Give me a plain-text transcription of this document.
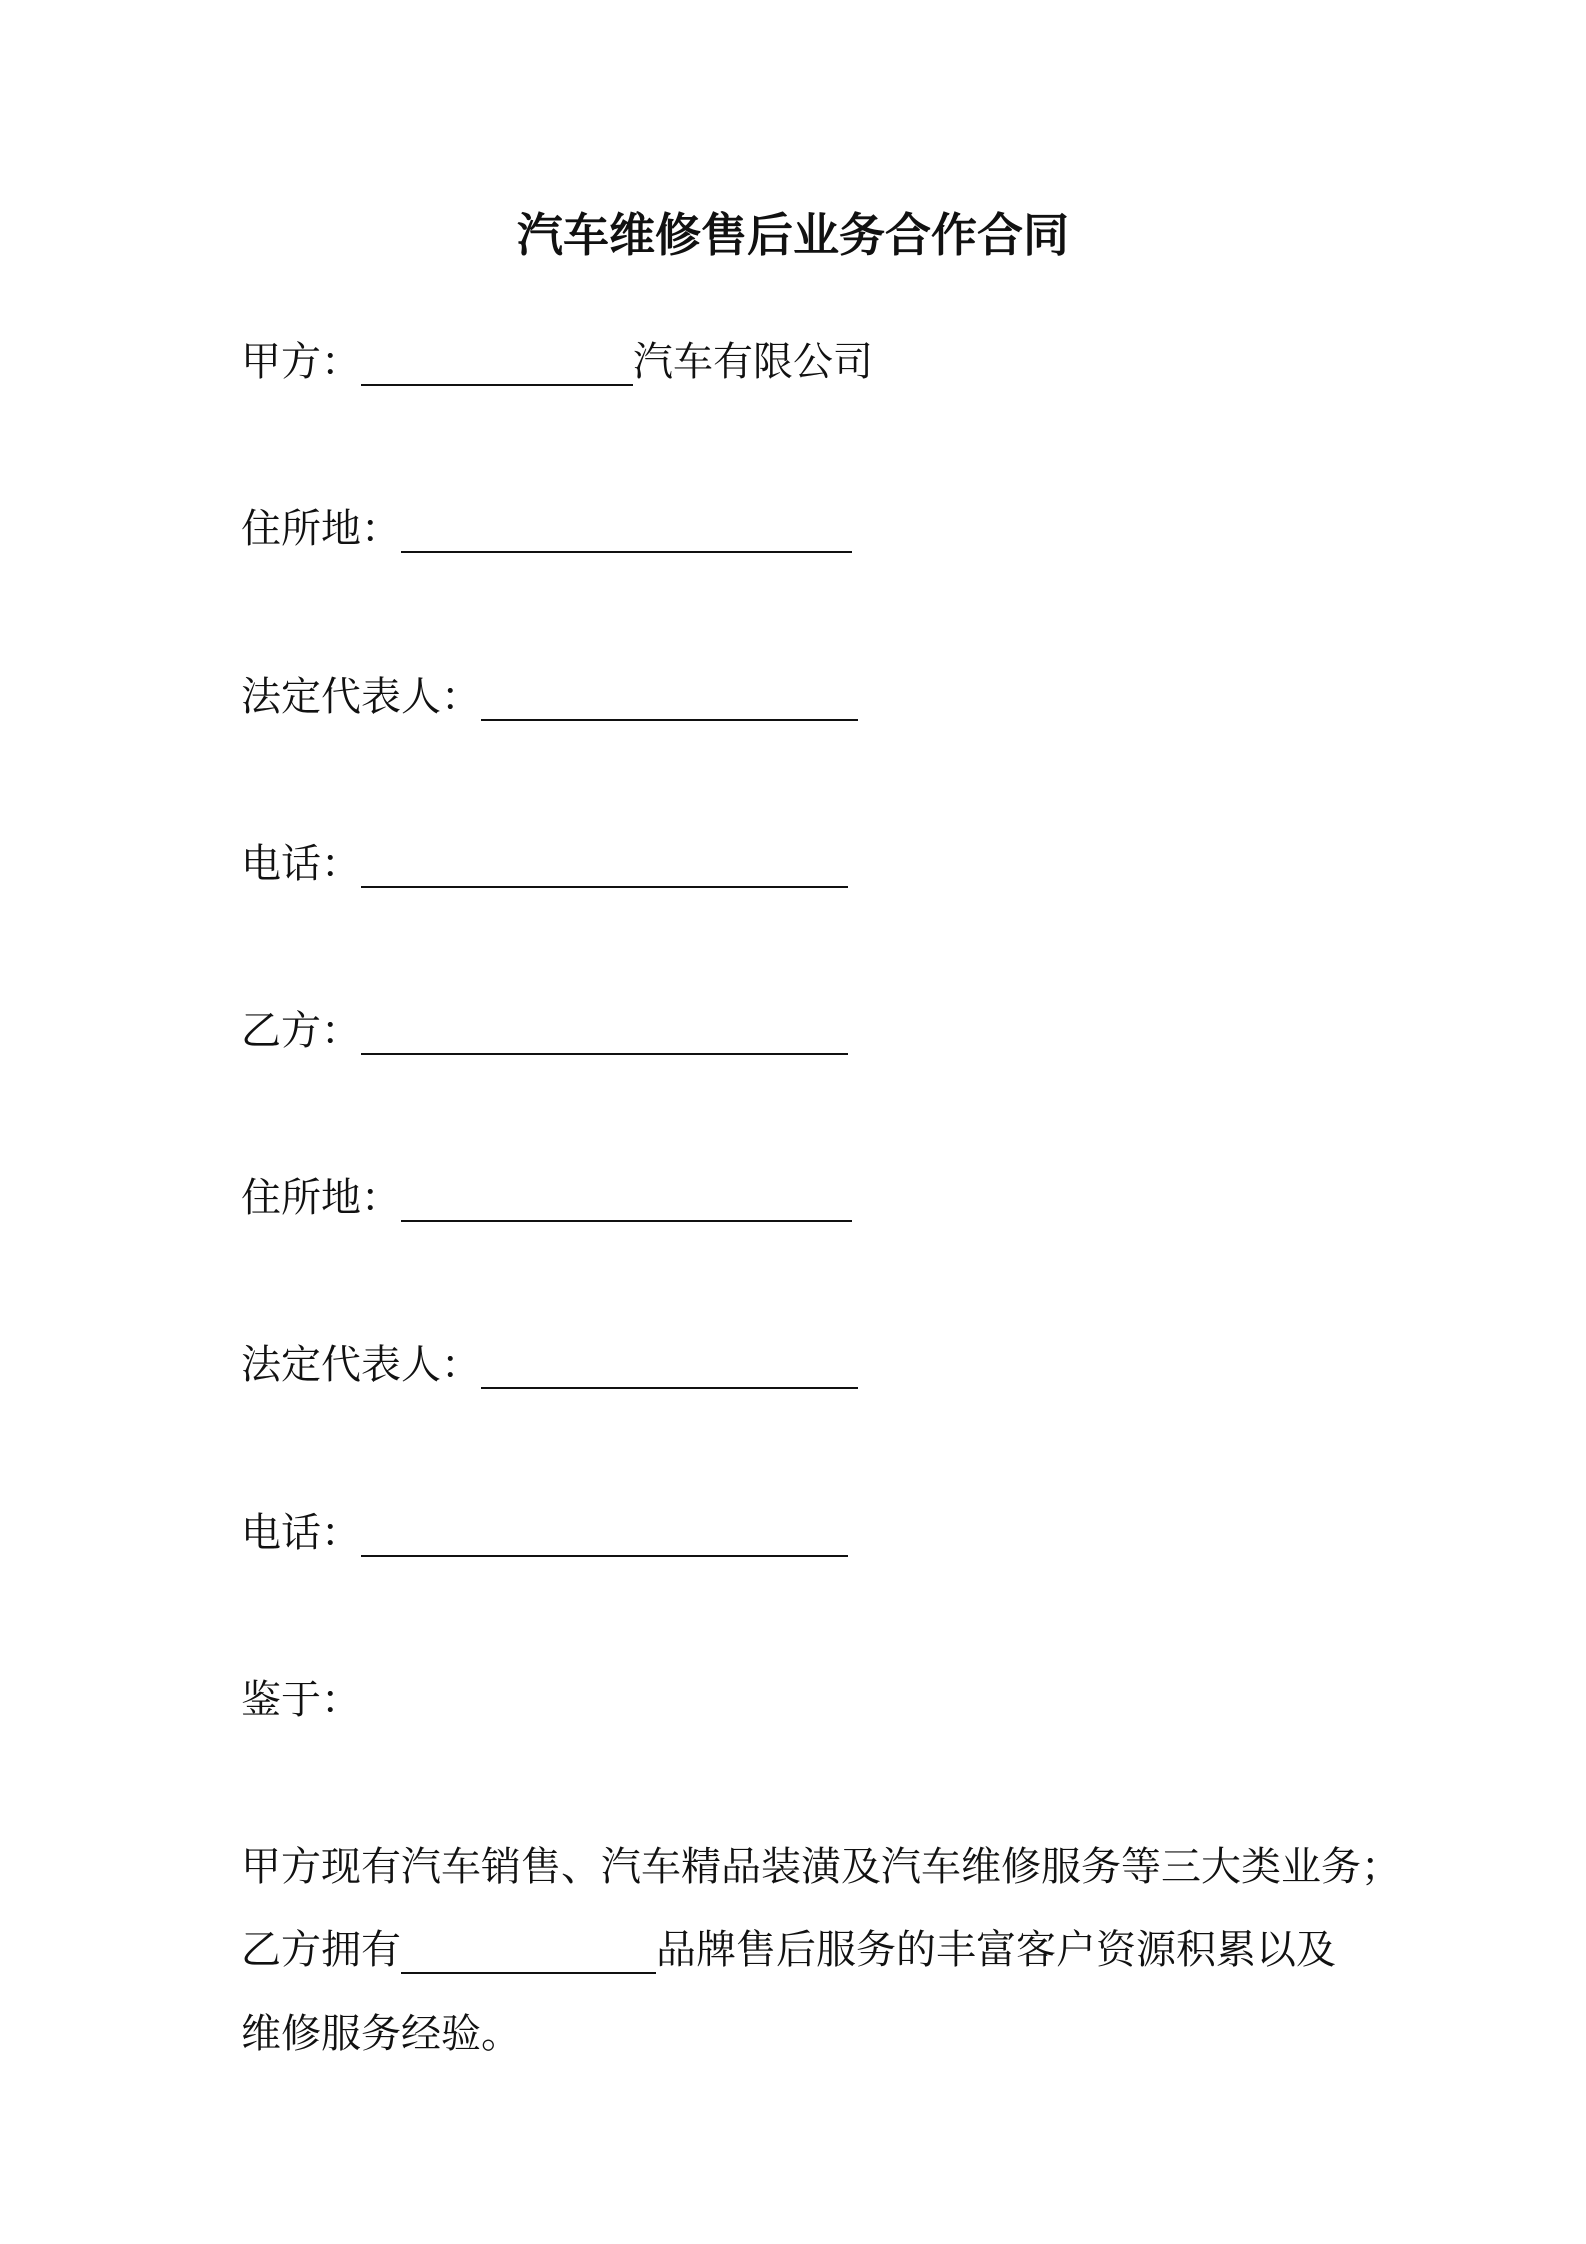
汽车维修售后业务合作合同
甲方：	汽车有限公司
住所地：
法定代表人：
电话：
乙方：
住所地：
法定代表人：
电话：
鉴于：
甲方现有汽车销售、汽车精品装潢及汽车维修服务等三大类业务；
乙方拥有	品牌售后服务的丰富客户资源积累以及
维修服务经验。
